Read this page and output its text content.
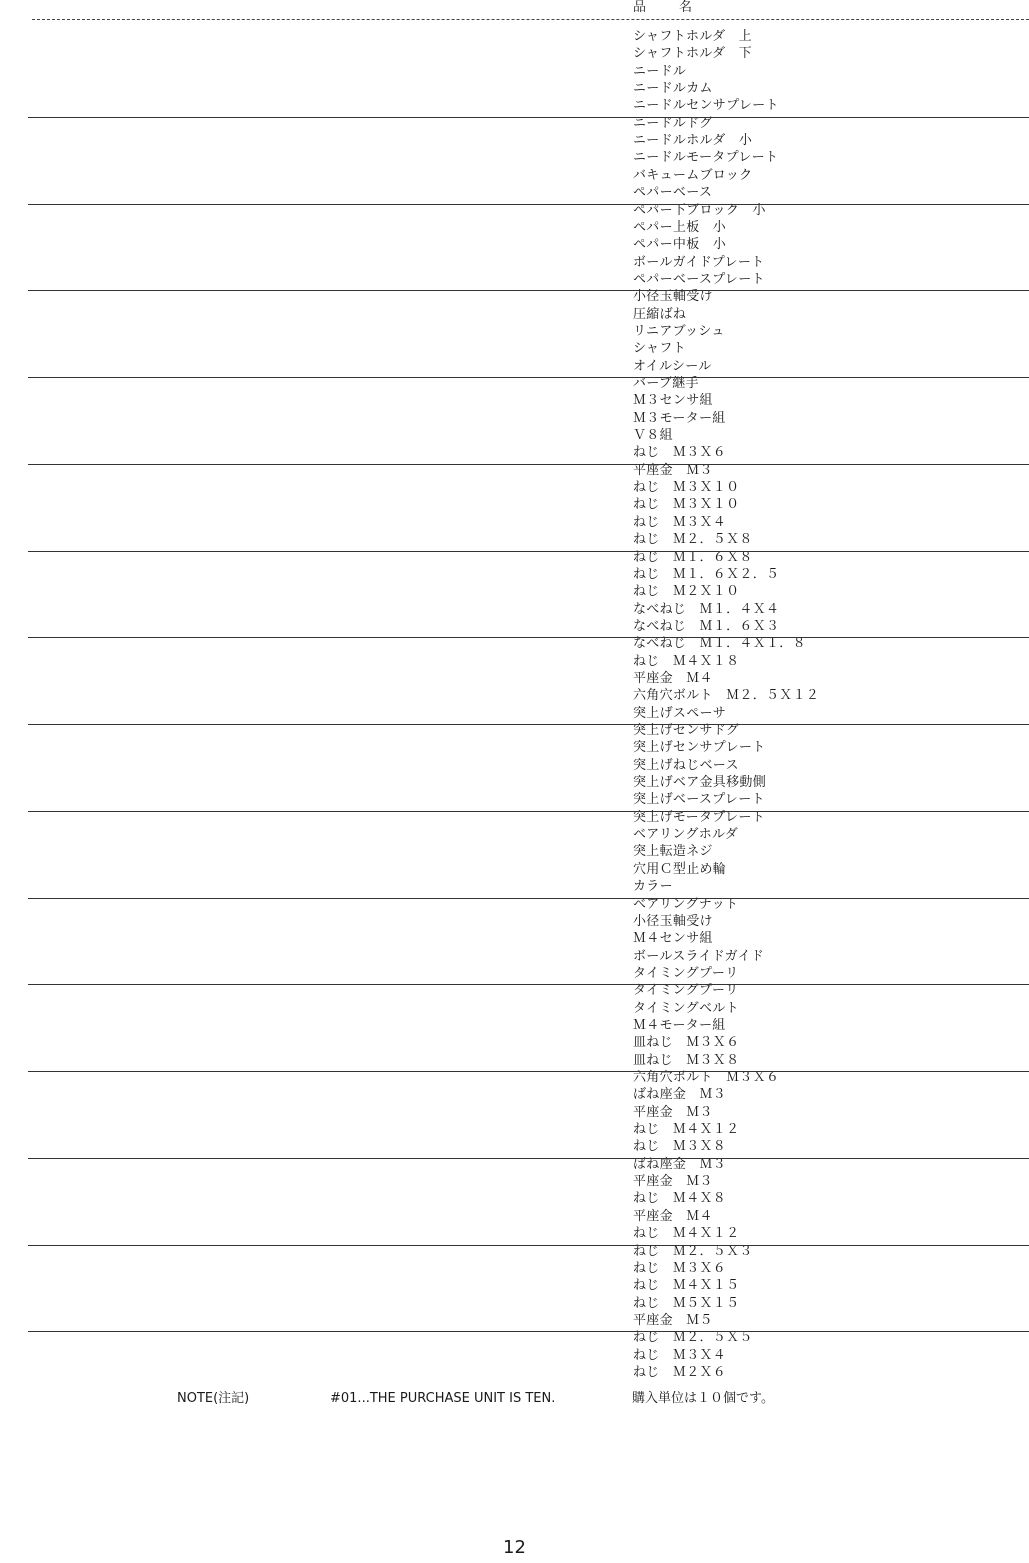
品　名
シャフトホルダ　上
シャフトホルダ　下
ニードル
ニードルカム
ニードルセンサプレート
ニードルドグ
ニードルホルダ　小
ニードルモータプレート
バキュームブロック
ペパーベース
ペパー下ブロック　小
ペパー上板　小
ペパー中板　小
ボールガイドプレート
ペパーベースプレート
小径玉軸受け
圧縮ばね
リニアブッシュ
シャフト
オイルシール
バーブ継手
Ｍ３センサ組
Ｍ３モーター組
Ｖ８組
ねじ　Ｍ３Ｘ６
平座金　Ｍ３
ねじ　Ｍ３Ｘ１０
ねじ　Ｍ３Ｘ１０
ねじ　Ｍ３Ｘ４
ねじ　Ｍ２．５Ｘ８
ねじ　Ｍ１．６Ｘ８
ねじ　Ｍ１．６Ｘ２．５
ねじ　Ｍ２Ｘ１０
なべねじ　Ｍ１．４Ｘ４
なべねじ　Ｍ１．６Ｘ３
なべねじ　Ｍ１．４Ｘ１．８
ねじ　Ｍ４Ｘ１８
平座金　Ｍ４
六角穴ボルト　Ｍ２．５Ｘ１２
突上げスペーサ
突上げセンサドグ
突上げセンサプレート
突上げねじベース
突上げベア金具移動側
突上げベースプレート
突上げモータプレート
ベアリングホルダ
突上転造ネジ
穴用Ｃ型止め輪
カラー
ベアリングナット
小径玉軸受け
Ｍ４センサ組
ボールスライドガイド
タイミングプーリ
タイミングプーリ
タイミングベルト
Ｍ４モーター組
皿ねじ　Ｍ３Ｘ６
皿ねじ　Ｍ３Ｘ８
六角穴ボルト　Ｍ３Ｘ６
ばね座金　Ｍ３
平座金　Ｍ３
ねじ　Ｍ４Ｘ１２
ねじ　Ｍ３Ｘ８
ばね座金　Ｍ３
平座金　Ｍ３
ねじ　Ｍ４Ｘ８
平座金　Ｍ４
ねじ　Ｍ４Ｘ１２
ねじ　Ｍ２．５Ｘ３
ねじ　Ｍ３Ｘ６
ねじ　Ｍ４Ｘ１５
ねじ　Ｍ５Ｘ１５
平座金　Ｍ５
ねじ　Ｍ２．５Ｘ５
ねじ　Ｍ３Ｘ４
ねじ　Ｍ２Ｘ６
NOTE(注記)	#01...THE PURCHASE UNIT IS TEN.	購入単位は１０個です。
12
